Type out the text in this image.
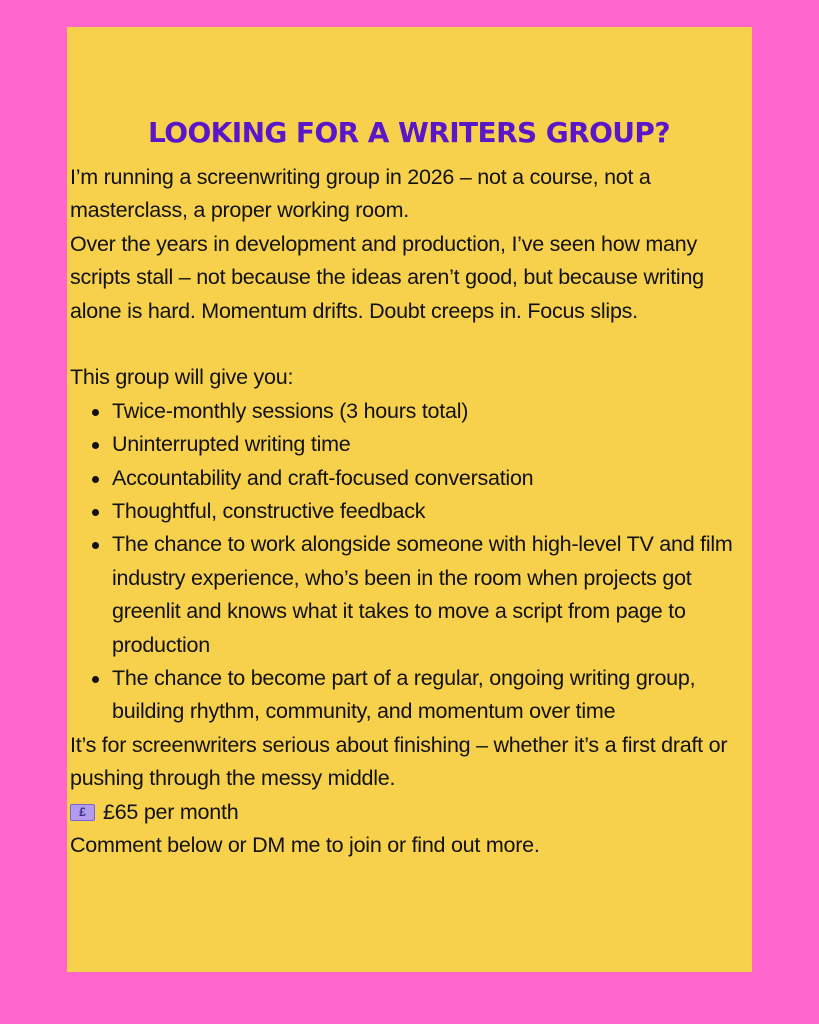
LOOKING FOR A WRITERS GROUP?

I’m running a screenwriting group in 2026 – not a course, not a masterclass, a proper working room.

Over the years in development and production, I’ve seen how many scripts stall – not because the ideas aren’t good, but because writing alone is hard. Momentum drifts. Doubt creeps in. Focus slips.

This group will give you:

Twice-monthly sessions (3 hours total)
Uninterrupted writing time
Accountability and craft-focused conversation
Thoughtful, constructive feedback
The chance to work alongside someone with high-level TV and film industry experience, who’s been in the room when projects got greenlit and knows what it takes to move a script from page to production
The chance to become part of a regular, ongoing writing group, building rhythm, community, and momentum over time

It’s for screenwriters serious about finishing – whether it’s a first draft or pushing through the messy middle.

£
£65 per month

Comment below or DM me to join or find out more.
